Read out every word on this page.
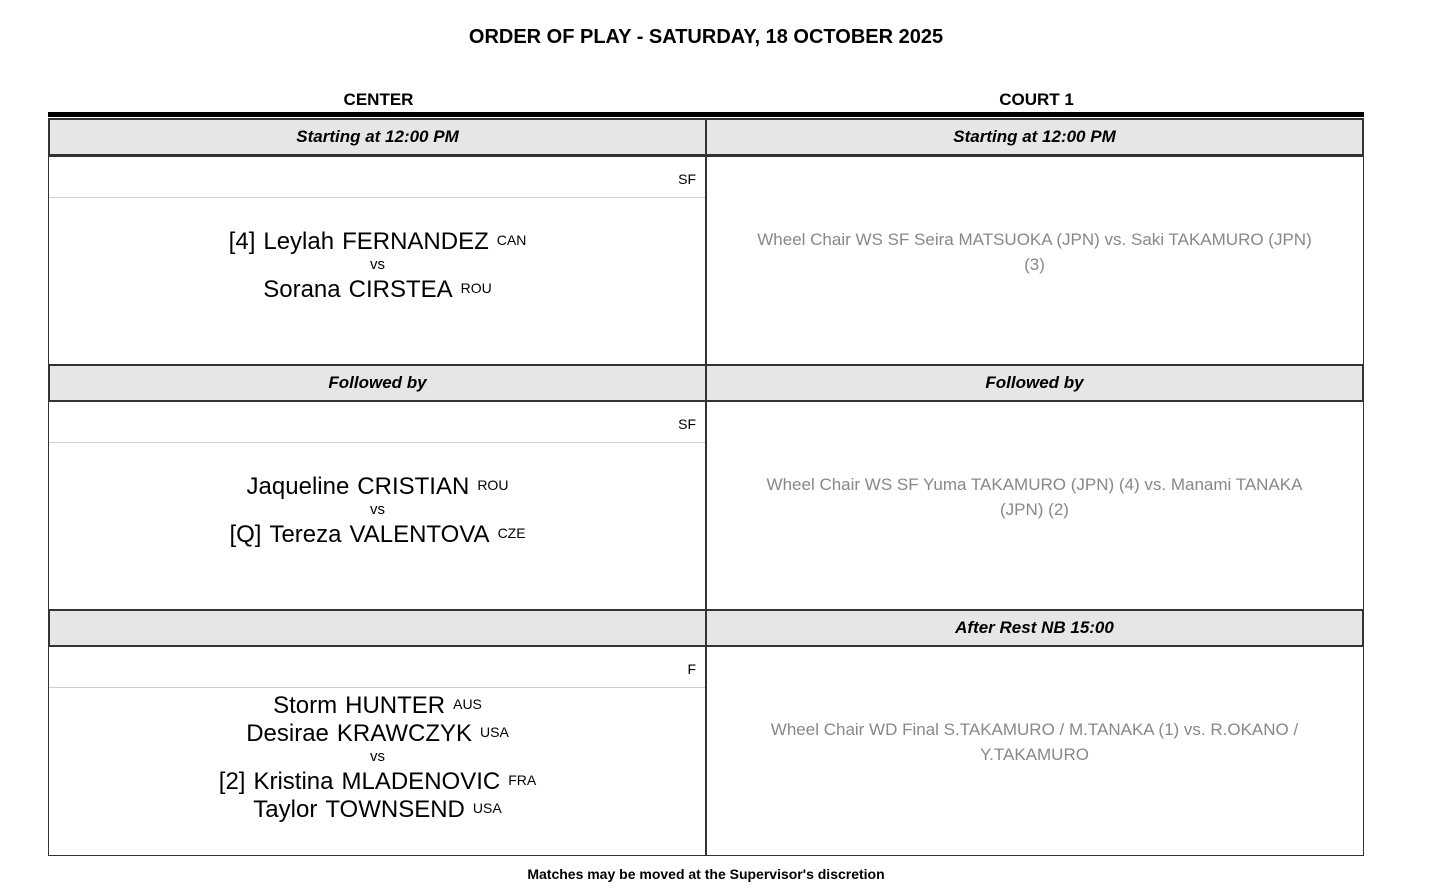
ORDER OF PLAY - SATURDAY, 18 OCTOBER 2025
CENTER	COURT 1
Starting at 12:00 PM
SF
[4] Leylah FERNANDEZ CAN
vs
Sorana CIRSTEA ROU
Followed by
SF
Jaqueline CRISTIAN ROU
vs
[Q] Tereza VALENTOVA CZE
F
Storm HUNTER AUS
Desirae KRAWCZYK USA
vs
[2] Kristina MLADENOVIC FRA
Taylor TOWNSEND USA
Starting at 12:00 PM
Wheel Chair WS SF Seira MATSUOKA (JPN) vs. Saki TAKAMURO (JPN) (3)
Followed by
Wheel Chair WS SF Yuma TAKAMURO (JPN) (4) vs. Manami TANAKA (JPN) (2)
After Rest NB 15:00
Wheel Chair WD Final S.TAKAMURO / M.TANAKA (1) vs. R.OKANO / Y.TAKAMURO
Matches may be moved at the Supervisor's discretion
